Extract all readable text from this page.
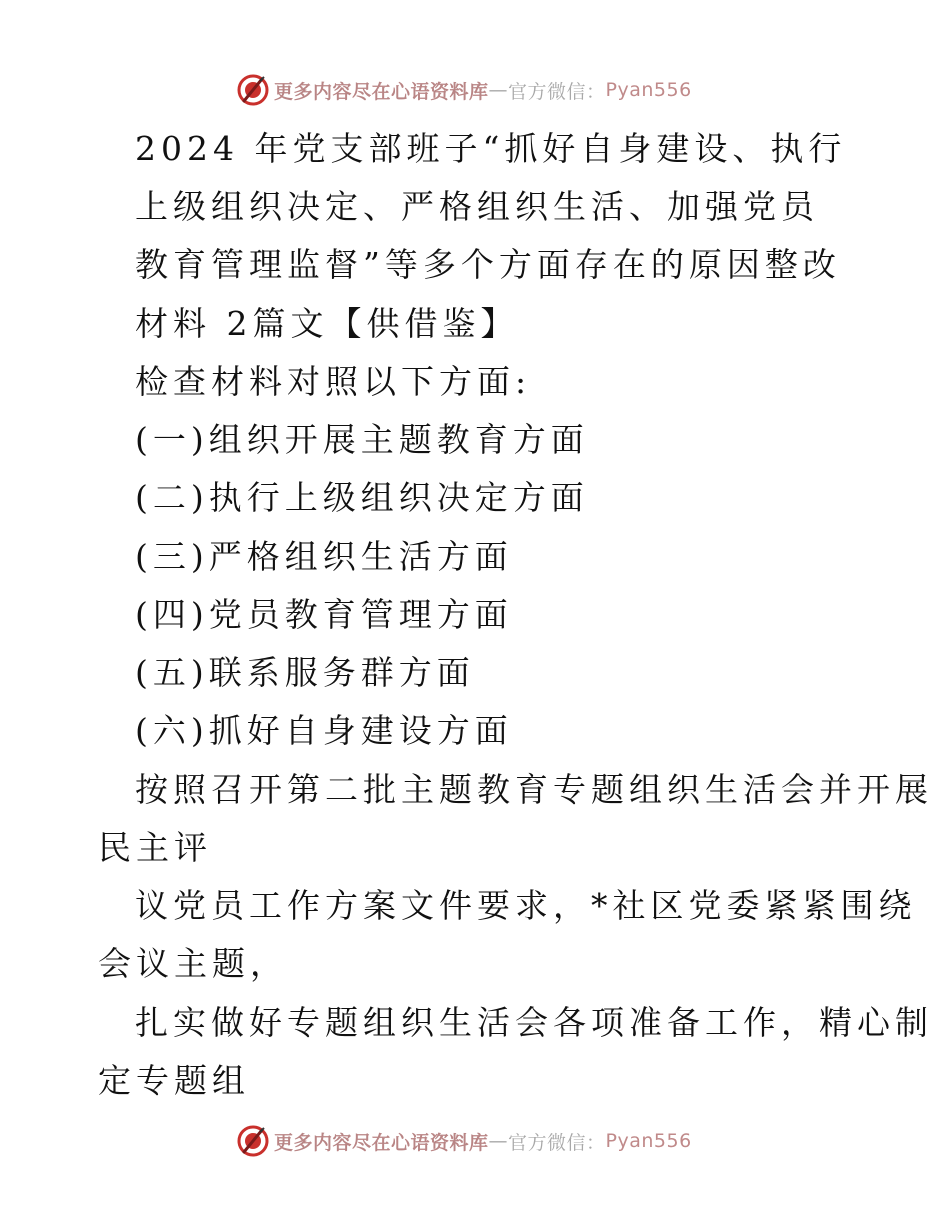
更多内容尽在心语资料库 — 官方微信： Pyan556
2024 年党支部班子“抓好自身建设、执行
上级组织决定、严格组织生活、加强党员
教育管理监督”等多个方面存在的原因整改
材料 2篇文【供借鉴】
检查材料对照以下方面:
(一)组织开展主题教育方面
(二)执行上级组织决定方面
(三)严格组织生活方面
(四)党员教育管理方面
(五)联系服务群方面
(六)抓好自身建设方面
按照召开第二批主题教育专题组织生活会并开展
民主评
议党员工作方案文件要求，*社区党委紧紧围绕
会议主题，
扎实做好专题组织生活会各项准备工作，精心制
定专题组
更多内容尽在心语资料库 — 官方微信： Pyan556
